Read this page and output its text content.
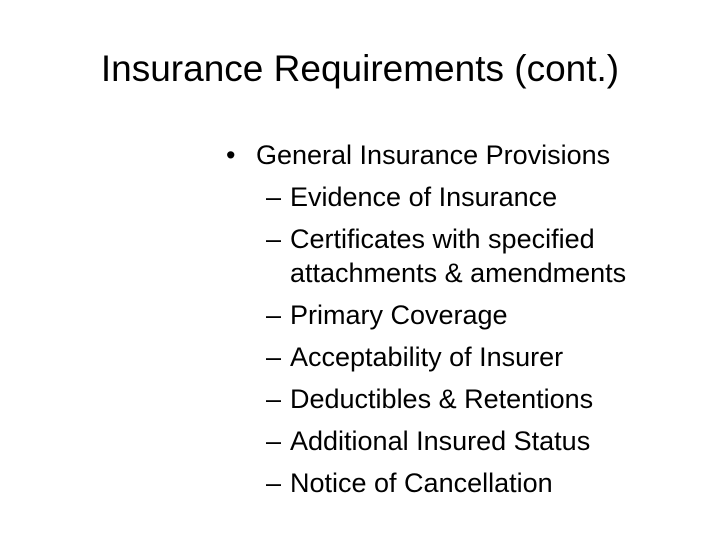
Insurance Requirements (cont.)
• General Insurance Provisions
– Evidence of Insurance
– Certificates with specified
attachments & amendments
– Primary Coverage
– Acceptability of Insurer
– Deductibles & Retentions
– Additional Insured Status
– Notice of Cancellation
